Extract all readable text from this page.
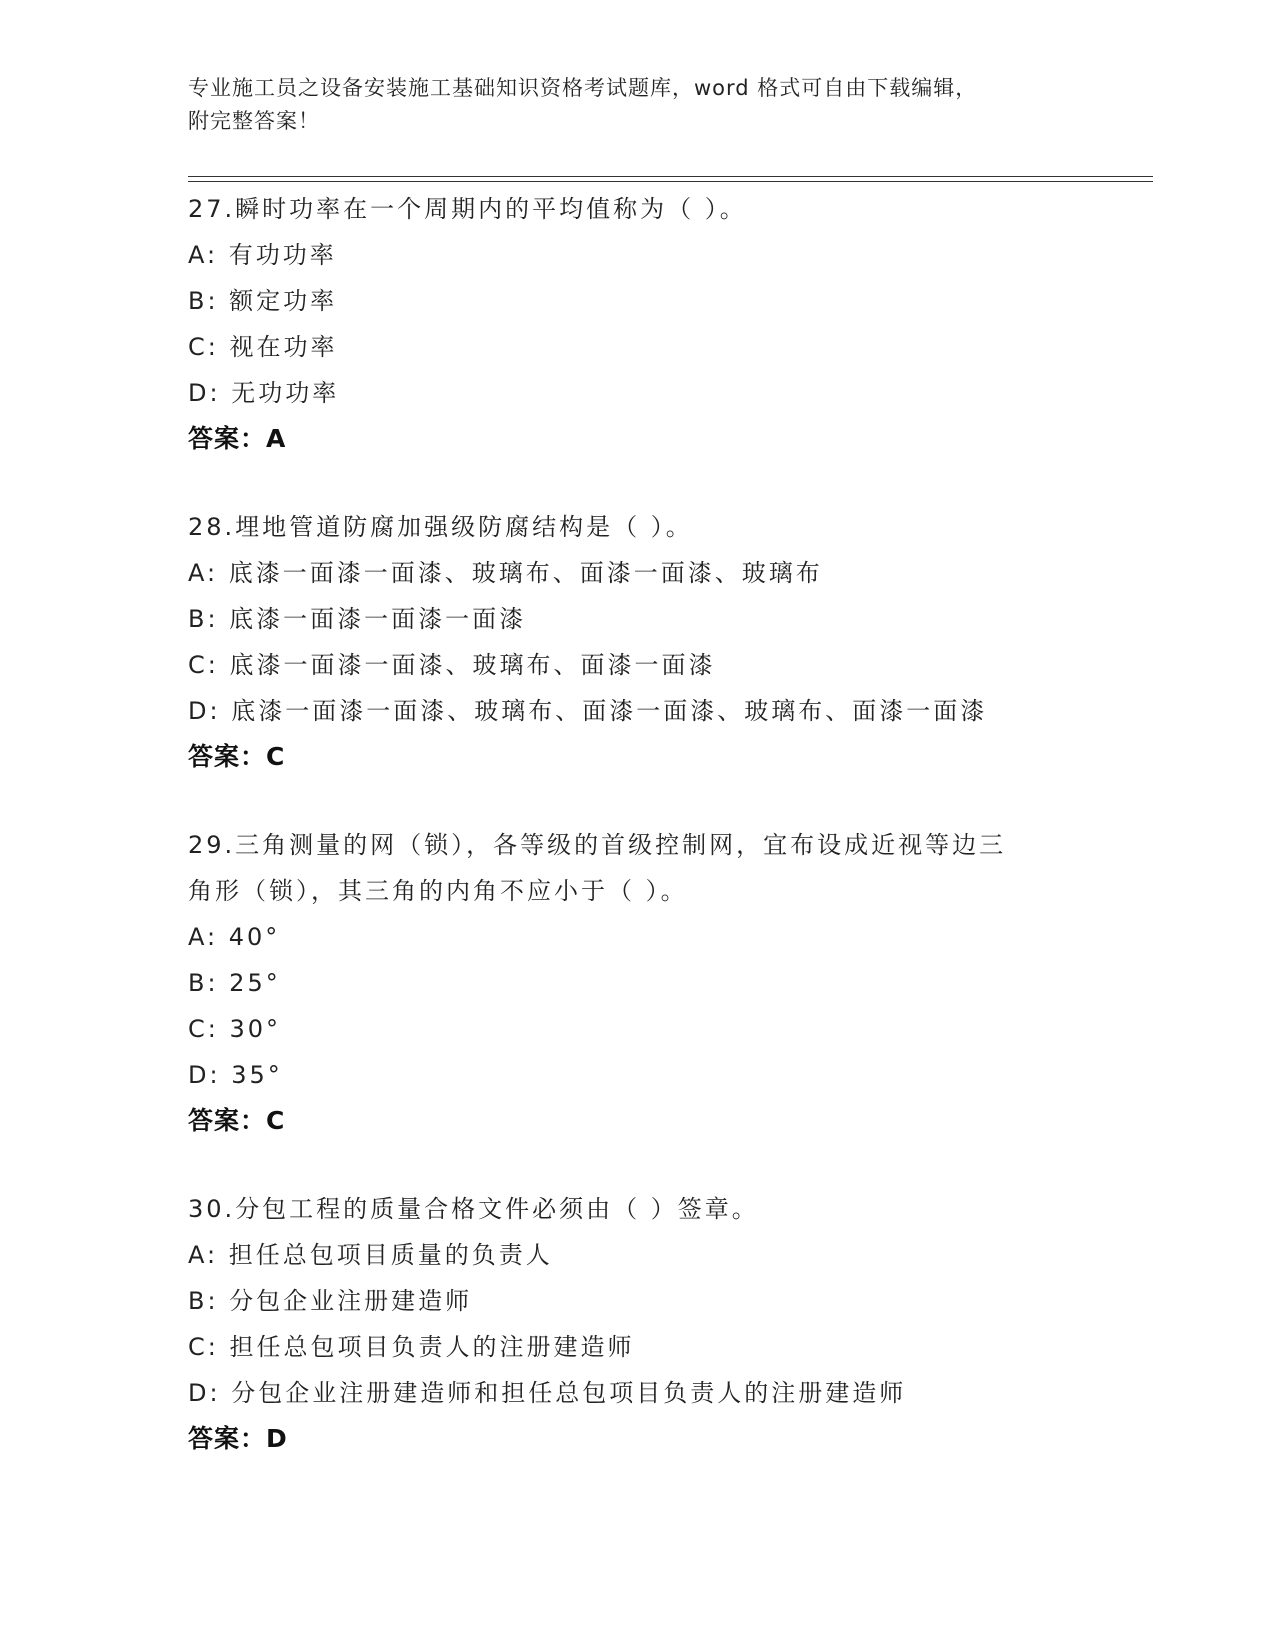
专业施工员之设备安装施工基础知识资格考试题库，word 格式可自由下载编辑，
附完整答案！
27.瞬时功率在一个周期内的平均值称为（ ）。
A: 有功功率
B: 额定功率
C: 视在功率
D: 无功功率
答案：A
28.埋地管道防腐加强级防腐结构是（ ）。
A: 底漆一面漆一面漆、玻璃布、面漆一面漆、玻璃布
B: 底漆一面漆一面漆一面漆
C: 底漆一面漆一面漆、玻璃布、面漆一面漆
D: 底漆一面漆一面漆、玻璃布、面漆一面漆、玻璃布、面漆一面漆
答案：C
29.三角测量的网（锁），各等级的首级控制网，宜布设成近视等边三
角形（锁），其三角的内角不应小于（ ）。
A: 40°
B: 25°
C: 30°
D: 35°
答案：C
30.分包工程的质量合格文件必须由（ ）签章。
A: 担任总包项目质量的负责人
B: 分包企业注册建造师
C: 担任总包项目负责人的注册建造师
D: 分包企业注册建造师和担任总包项目负责人的注册建造师
答案：D
